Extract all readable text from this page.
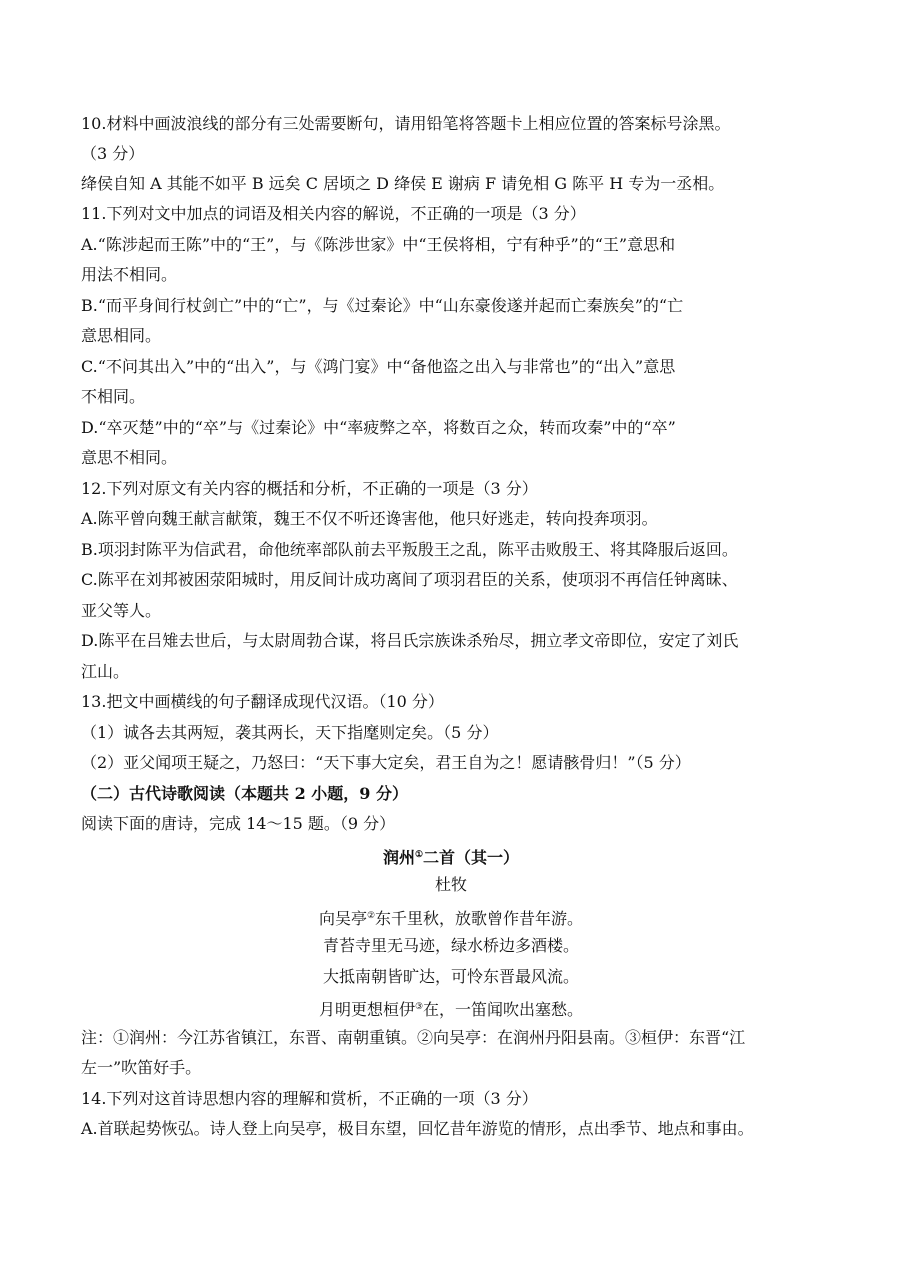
10.材料中画波浪线的部分有三处需要断句，请用铅笔将答题卡上相应位置的答案标号涂黑。
（3 分）
绛侯自知 A 其能不如平 B 远矣 C 居顷之 D 绛侯 E 谢病 F 请免相 G 陈平 H 专为一丞相。
11.下列对文中加点的词语及相关内容的解说，不正确的一项是（3 分）
A.“陈涉起而王陈”中的“王”，与《陈涉世家》中“王侯将相，宁有种乎”的“王”意思和
用法不相同。
B.“而平身间行杖剑亡”中的“亡”，与《过秦论》中“山东豪俊遂并起而亡秦族矣”的“亡
意思相同。
C.“不问其出入”中的“出入”，与《鸿门宴》中“备他盗之出入与非常也”的“出入”意思
不相同。
D.“卒灭楚”中的“卒”与《过秦论》中“率疲弊之卒，将数百之众，转而攻秦”中的“卒”
意思不相同。
12.下列对原文有关内容的概括和分析，不正确的一项是（3 分）
A.陈平曾向魏王献言献策，魏王不仅不听还谗害他，他只好逃走，转向投奔项羽。
B.项羽封陈平为信武君，命他统率部队前去平叛殷王之乱，陈平击败殷王、将其降服后返回。
C.陈平在刘邦被困荥阳城时，用反间计成功离间了项羽君臣的关系，使项羽不再信任钟离昧、
亚父等人。
D.陈平在吕雉去世后，与太尉周勃合谋，将吕氏宗族诛杀殆尽，拥立孝文帝即位，安定了刘氏
江山。
13.把文中画横线的句子翻译成现代汉语。（10 分）
（1）诚各去其两短，袭其两长，天下指麾则定矣。（5 分）
（2）亚父闻项王疑之，乃怒曰：“天下事大定矣，君王自为之！愿请骸骨归！”（5 分）
（二）古代诗歌阅读（本题共 2 小题，9 分）
阅读下面的唐诗，完成 14～15 题。（9 分）
润州①二首（其一）
杜牧
向吴亭②东千里秋，放歌曾作昔年游。
青苔寺里无马迹，绿水桥边多酒楼。
大抵南朝皆旷达，可怜东晋最风流。
月明更想桓伊③在，一笛闻吹出塞愁。
注：①润州：今江苏省镇江，东晋、南朝重镇。②向吴亭：在润州丹阳县南。③桓伊：东晋“江
左一”吹笛好手。
14.下列对这首诗思想内容的理解和赏析，不正确的一项（3 分）
A.首联起势恢弘。诗人登上向吴亭，极目东望，回忆昔年游览的情形，点出季节、地点和事由。
